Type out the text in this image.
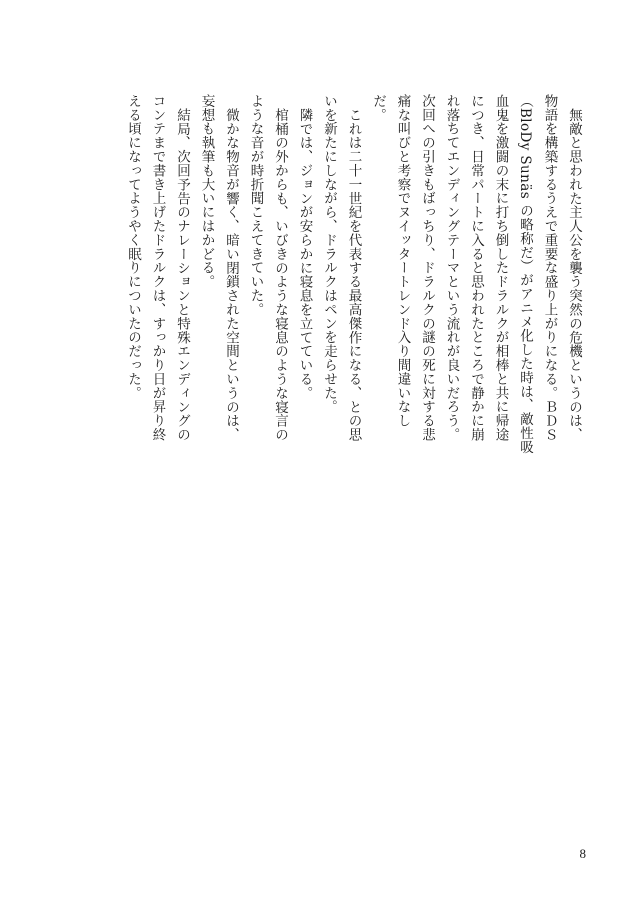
無敵と思われた主人公を襲う突然の危機というのは、物語を構築するうえで重要な盛り上がりになる。ＢＤＳ（BloDy Sunäs の略称だ）がアニメ化した時は、敵性吸血鬼を激闘の末に打ち倒したドラルクが相棒と共に帰途につき、日常パートに入ると思われたところで静かに崩れ落ちてエンディングテーマという流れが良いだろう。次回への引きもばっちり、ドラルクの謎の死に対する悲痛な叫びと考察でヌイッタートレンド入り間違いなしだ。

これは二十一世紀を代表する最高傑作になる、との思いを新たにしながら、ドラルクはペンを走らせた。

隣では、ジョンが安らかに寝息を立てている。

棺桶の外からも、いびきのような寝息のような寝言のような音が時折聞こえてきていた。

微かな物音が響く、暗い閉鎖された空間というのは、妄想も執筆も大いにはかどる。

結局、次回予告のナレーションと特殊エンディングのコンテまで書き上げたドラルクは、すっかり日が昇り終える頃になってようやく眠りについたのだった。

8
